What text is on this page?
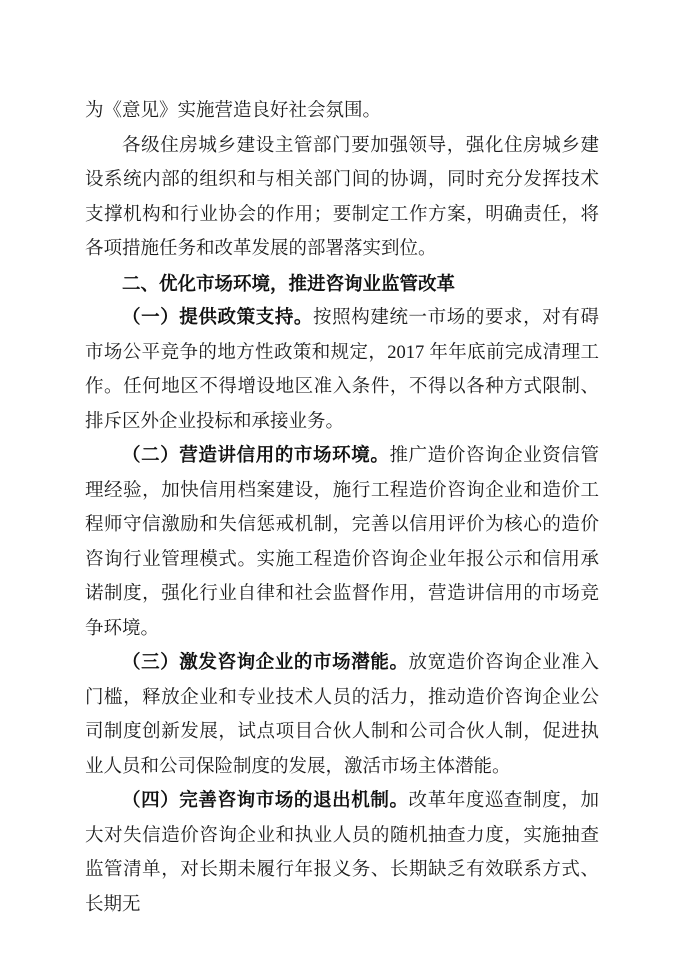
为《意见》实施营造良好社会氛围。

各级住房城乡建设主管部门要加强领导，强化住房城乡建设系统内部的组织和与相关部门间的协调，同时充分发挥技术支撑机构和行业协会的作用；要制定工作方案，明确责任，将各项措施任务和改革发展的部署落实到位。

二、优化市场环境，推进咨询业监管改革

（一）提供政策支持。按照构建统一市场的要求，对有碍市场公平竞争的地方性政策和规定，2017 年年底前完成清理工作。任何地区不得增设地区准入条件，不得以各种方式限制、排斥区外企业投标和承接业务。

（二）营造讲信用的市场环境。推广造价咨询企业资信管理经验，加快信用档案建设，施行工程造价咨询企业和造价工程师守信激励和失信惩戒机制，完善以信用评价为核心的造价咨询行业管理模式。实施工程造价咨询企业年报公示和信用承诺制度，强化行业自律和社会监督作用，营造讲信用的市场竞争环境。

（三）激发咨询企业的市场潜能。放宽造价咨询企业准入门槛，释放企业和专业技术人员的活力，推动造价咨询企业公司制度创新发展，试点项目合伙人制和公司合伙人制，促进执业人员和公司保险制度的发展，激活市场主体潜能。

（四）完善咨询市场的退出机制。改革年度巡查制度，加大对失信造价咨询企业和执业人员的随机抽查力度，实施抽查监管清单，对长期未履行年报义务、长期缺乏有效联系方式、长期无
